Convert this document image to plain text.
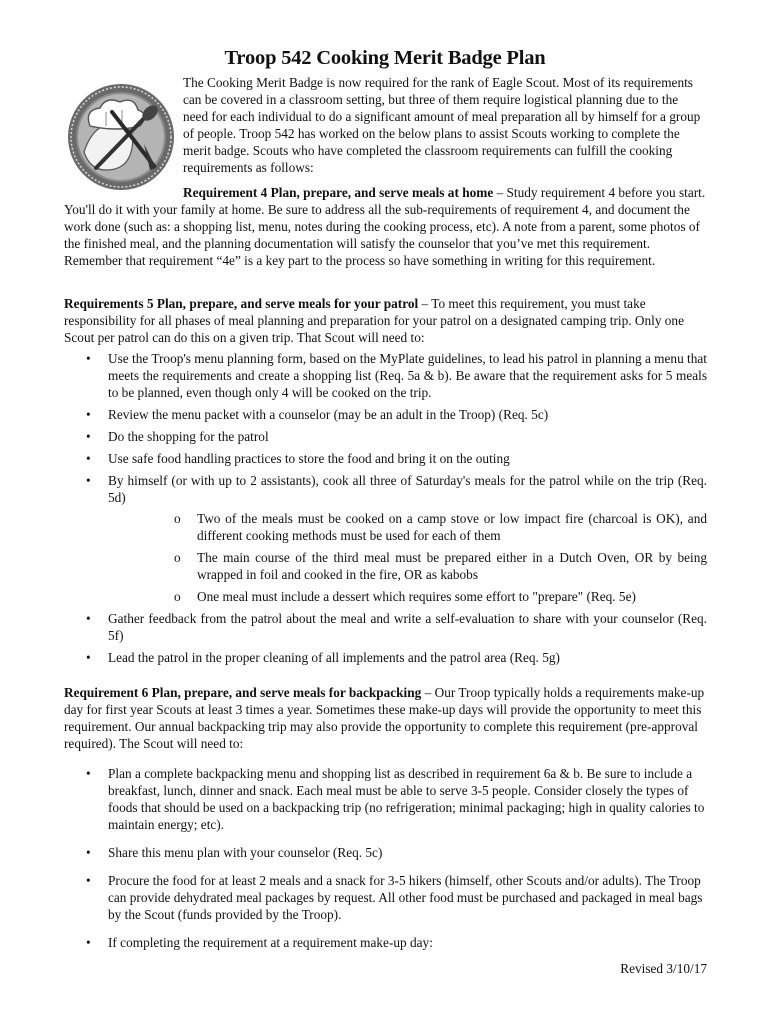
Troop 542 Cooking Merit Badge Plan

The Cooking Merit Badge is now required for the rank of Eagle Scout. Most of its requirements can be covered in a classroom setting, but three of them require logistical planning due to the need for each individual to do a significant amount of meal preparation all by himself for a group of people. Troop 542 has worked on the below plans to assist Scouts working to complete the merit badge. Scouts who have completed the classroom requirements can fulfill the cooking requirements as follows:

Requirement 4 Plan, prepare, and serve meals at home – Study requirement 4 before you start. You'll do it with your family at home. Be sure to address all the sub-requirements of requirement 4, and document the work done (such as: a shopping list, menu, notes during the cooking process, etc). A note from a parent, some photos of the finished meal, and the planning documentation will satisfy the counselor that you’ve met this requirement. Remember that requirement “4e” is a key part to the process so have something in writing for this requirement.

Requirements 5 Plan, prepare, and serve meals for your patrol – To meet this requirement, you must take responsibility for all phases of meal planning and preparation for your patrol on a designated camping trip. Only one Scout per patrol can do this on a given trip. That Scout will need to:

• Use the Troop's menu planning form, based on the MyPlate guidelines, to lead his patrol in planning a menu that meets the requirements and create a shopping list (Req. 5a & b). Be aware that the requirement asks for 5 meals to be planned, even though only 4 will be cooked on the trip.
• Review the menu packet with a counselor (may be an adult in the Troop) (Req. 5c)
• Do the shopping for the patrol
• Use safe food handling practices to store the food and bring it on the outing
• By himself (or with up to 2 assistants), cook all three of Saturday's meals for the patrol while on the trip (Req. 5d)
o Two of the meals must be cooked on a camp stove or low impact fire (charcoal is OK), and different cooking methods must be used for each of them
o The main course of the third meal must be prepared either in a Dutch Oven, OR by being wrapped in foil and cooked in the fire, OR as kabobs
o One meal must include a dessert which requires some effort to "prepare" (Req. 5e)
• Gather feedback from the patrol about the meal and write a self-evaluation to share with your counselor (Req. 5f)
• Lead the patrol in the proper cleaning of all implements and the patrol area (Req. 5g)

Requirement 6 Plan, prepare, and serve meals for backpacking – Our Troop typically holds a requirements make-up day for first year Scouts at least 3 times a year. Sometimes these make-up days will provide the opportunity to meet this requirement. Our annual backpacking trip may also provide the opportunity to complete this requirement (pre-approval required). The Scout will need to:

• Plan a complete backpacking menu and shopping list as described in requirement 6a & b. Be sure to include a breakfast, lunch, dinner and snack. Each meal must be able to serve 3-5 people. Consider closely the types of foods that should be used on a backpacking trip (no refrigeration; minimal packaging; high in quality calories to maintain energy; etc).
• Share this menu plan with your counselor (Req. 5c)
• Procure the food for at least 2 meals and a snack for 3-5 hikers (himself, other Scouts and/or adults). The Troop can provide dehydrated meal packages by request. All other food must be purchased and packaged in meal bags by the Scout (funds provided by the Troop).
• If completing the requirement at a requirement make-up day:
Revised 3/10/17
